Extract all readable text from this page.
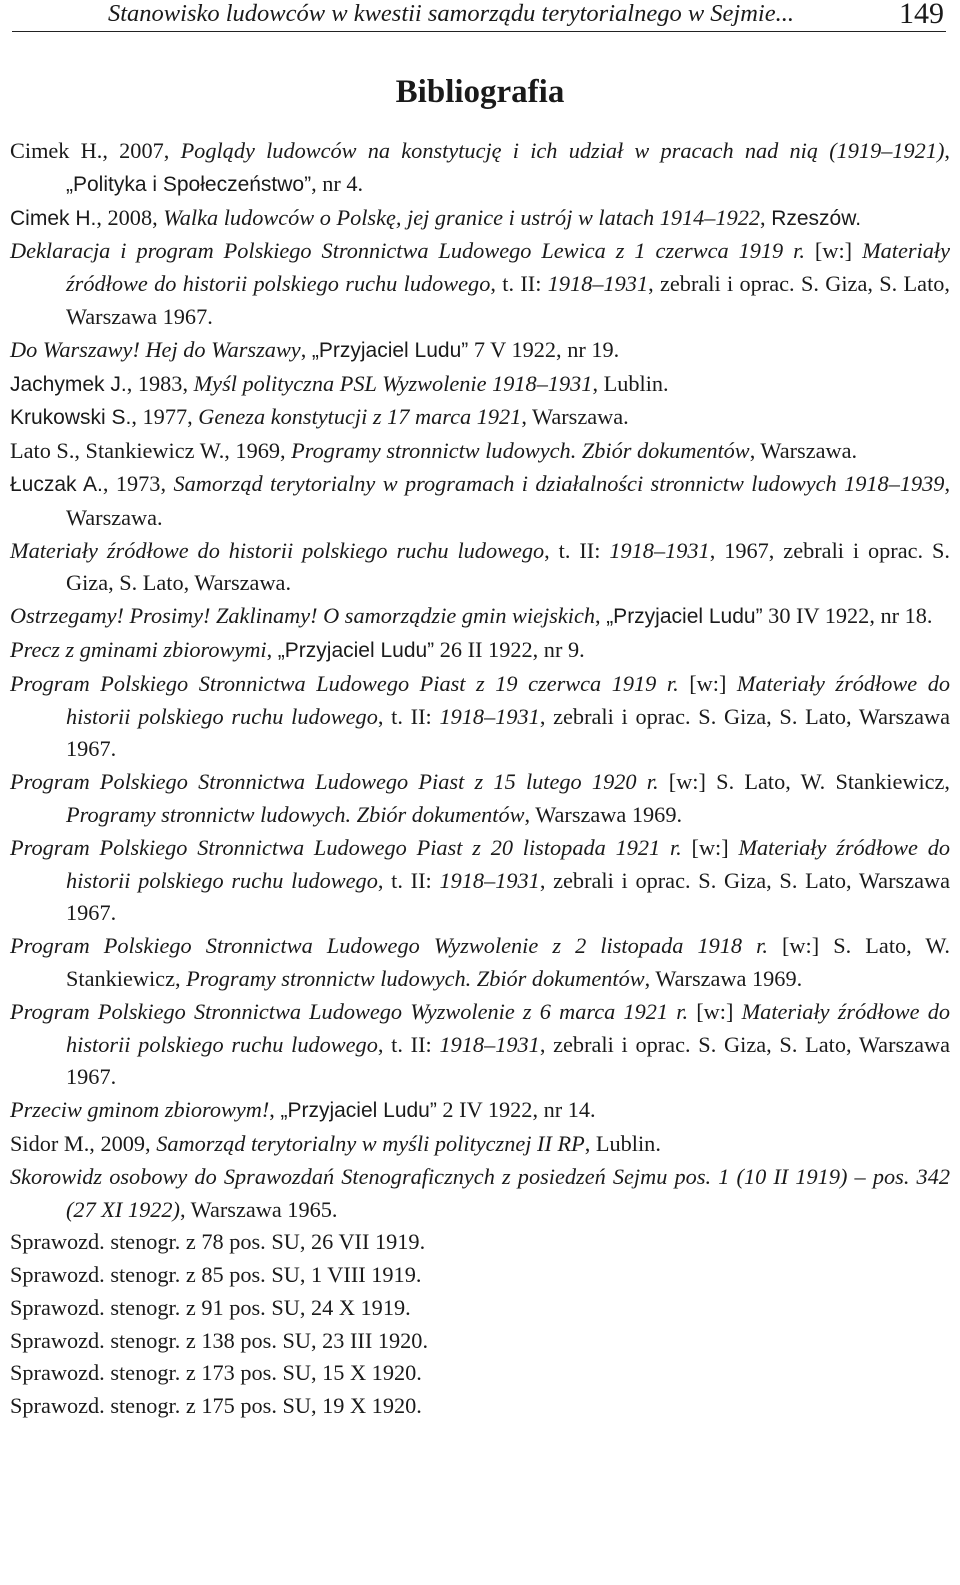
Stanowisko ludowców w kwestii samorządu terytorialnego w Sejmie...	149
Bibliografia

Cimek H., 2007, Poglądy ludowców na konstytucję i ich udział w pracach nad nią (1919–1921), „Polityka i Społeczeństwo”, nr 4.

Cimek H., 2008, Walka ludowców o Polskę, jej granice i ustrój w latach 1914–1922, Rzeszów.

Deklaracja i program Polskiego Stronnictwa Ludowego Lewica z 1 czerwca 1919 r. [w:] Materiały źródłowe do historii polskiego ruchu ludowego, t. II: 1918–1931, zebrali i oprac. S. Giza, S. Lato, Warszawa 1967.

Do Warszawy! Hej do Warszawy, „Przyjaciel Ludu” 7 V 1922, nr 19.

Jachymek J., 1983, Myśl polityczna PSL Wyzwolenie 1918–1931, Lublin.

Krukowski S., 1977, Geneza konstytucji z 17 marca 1921, Warszawa.

Lato S., Stankiewicz W., 1969, Programy stronnictw ludowych. Zbiór dokumentów, Warszawa.

Łuczak A., 1973, Samorząd terytorialny w programach i działalności stronnictw ludowych 1918–1939, Warszawa.

Materiały źródłowe do historii polskiego ruchu ludowego, t. II: 1918–1931, 1967, zebrali i oprac. S. Giza, S. Lato, Warszawa.

Ostrzegamy! Prosimy! Zaklinamy! O samorządzie gmin wiejskich, „Przyjaciel Ludu” 30 IV 1922, nr 18.

Precz z gminami zbiorowymi, „Przyjaciel Ludu” 26 II 1922, nr 9.

Program Polskiego Stronnictwa Ludowego Piast z 19 czerwca 1919 r. [w:] Materiały źródłowe do historii polskiego ruchu ludowego, t. II: 1918–1931, zebrali i oprac. S. Giza, S. Lato, Warszawa 1967.

Program Polskiego Stronnictwa Ludowego Piast z 15 lutego 1920 r. [w:] S. Lato, W. Stankiewicz, Programy stronnictw ludowych. Zbiór dokumentów, Warszawa 1969.

Program Polskiego Stronnictwa Ludowego Piast z 20 listopada 1921 r. [w:] Materiały źródłowe do historii polskiego ruchu ludowego, t. II: 1918–1931, zebrali i oprac. S. Giza, S. Lato, Warszawa 1967.

Program Polskiego Stronnictwa Ludowego Wyzwolenie z 2 listopada 1918 r. [w:] S. Lato, W. Stankiewicz, Programy stronnictw ludowych. Zbiór dokumentów, Warszawa 1969.

Program Polskiego Stronnictwa Ludowego Wyzwolenie z 6 marca 1921 r. [w:] Materiały źródłowe do historii polskiego ruchu ludowego, t. II: 1918–1931, zebrali i oprac. S. Giza, S. Lato, Warszawa 1967.

Przeciw gminom zbiorowym!, „Przyjaciel Ludu” 2 IV 1922, nr 14.

Sidor M., 2009, Samorząd terytorialny w myśli politycznej II RP, Lublin.

Skorowidz osobowy do Sprawozdań Stenograficznych z posiedzeń Sejmu pos. 1 (10 II 1919) – pos. 342 (27 XI 1922), Warszawa 1965.

Sprawozd. stenogr. z 78 pos. SU, 26 VII 1919.

Sprawozd. stenogr. z 85 pos. SU, 1 VIII 1919.

Sprawozd. stenogr. z 91 pos. SU, 24 X 1919.

Sprawozd. stenogr. z 138 pos. SU, 23 III 1920.

Sprawozd. stenogr. z 173 pos. SU, 15 X 1920.

Sprawozd. stenogr. z 175 pos. SU, 19 X 1920.
